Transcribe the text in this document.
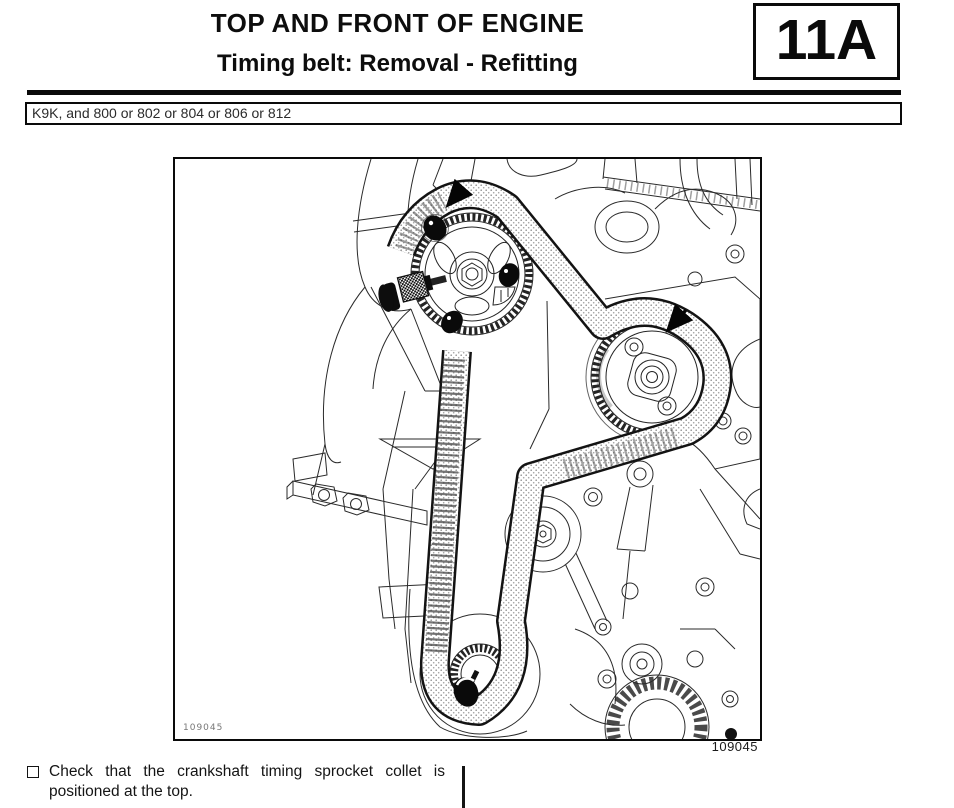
TOP AND FRONT OF ENGINE
Timing belt: Removal - Refitting	11A
K9K, and 800 or 802 or 804 or 806 or 812
109045
109045

Check that the crankshaft timing sprocket collet is positioned at the top.
